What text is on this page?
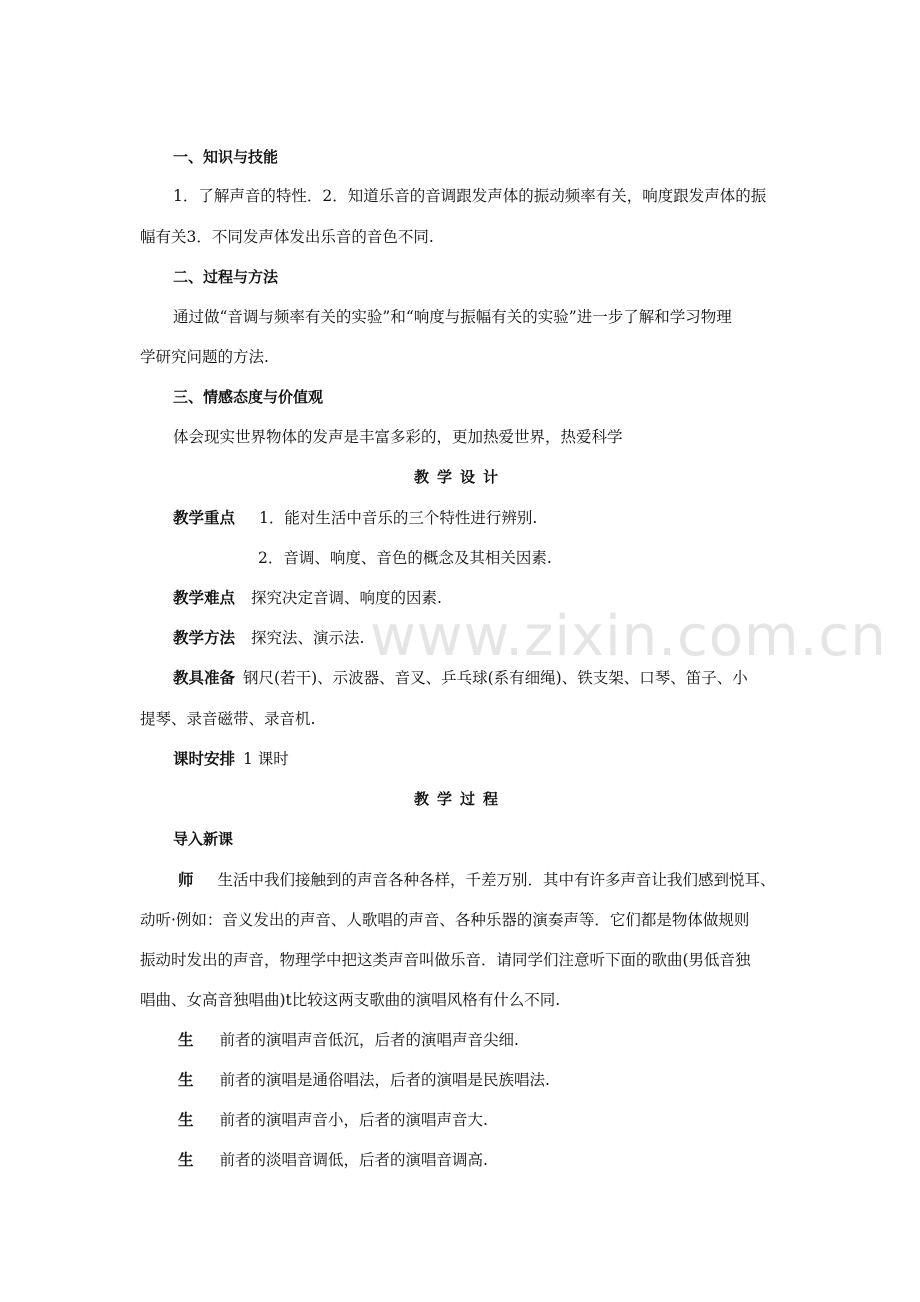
www.zixin.com.cn
一、知识与技能
1．了解声音的特性．2．知道乐音的音调跟发声体的振动频率有关，响度跟发声体的振
幅有关3．不同发声体发出乐音的音色不同.
二、过程与方法
通过做“音调与频率有关的实验”和“响度与振幅有关的实验”进一步了解和学习物理
学研究问题的方法.
三、情感态度与价值观
体会现实世界物体的发声是丰富多彩的，更加热爱世界，热爱科学
教学设计
教学重点 1．能对生活中音乐的三个特性进行辨别.
2．音调、响度、音色的概念及其相关因素.
教学难点 探究决定音调、响度的因素.
教学方法 探究法、演示法.
教具准备 钢尺(若干)、示波器、音叉、乒乓球(系有细绳)、铁支架、口琴、笛子、小
提琴、录音磁带、录音机.
课时安排 1 课时
教学过程
导入新课
师 生活中我们接触到的声音各种各样，千差万别．其中有许多声音让我们感到悦耳、
动听·例如：音义发出的声音、人歌唱的声音、各种乐器的演奏声等．它们都是物体做规则
振动时发出的声音，物理学中把这类声音叫做乐音．请同学们注意听下面的歌曲(男低音独
唱曲、女高音独唱曲)t比较这两支歌曲的演唱风格有什么不同.
生 前者的演唱声音低沉，后者的演唱声音尖细.
生 前者的演唱是通俗唱法，后者的演唱是民族唱法.
生 前者的演唱声音小，后者的演唱声音大.
生 前者的淡唱音调低，后者的演唱音调高.
